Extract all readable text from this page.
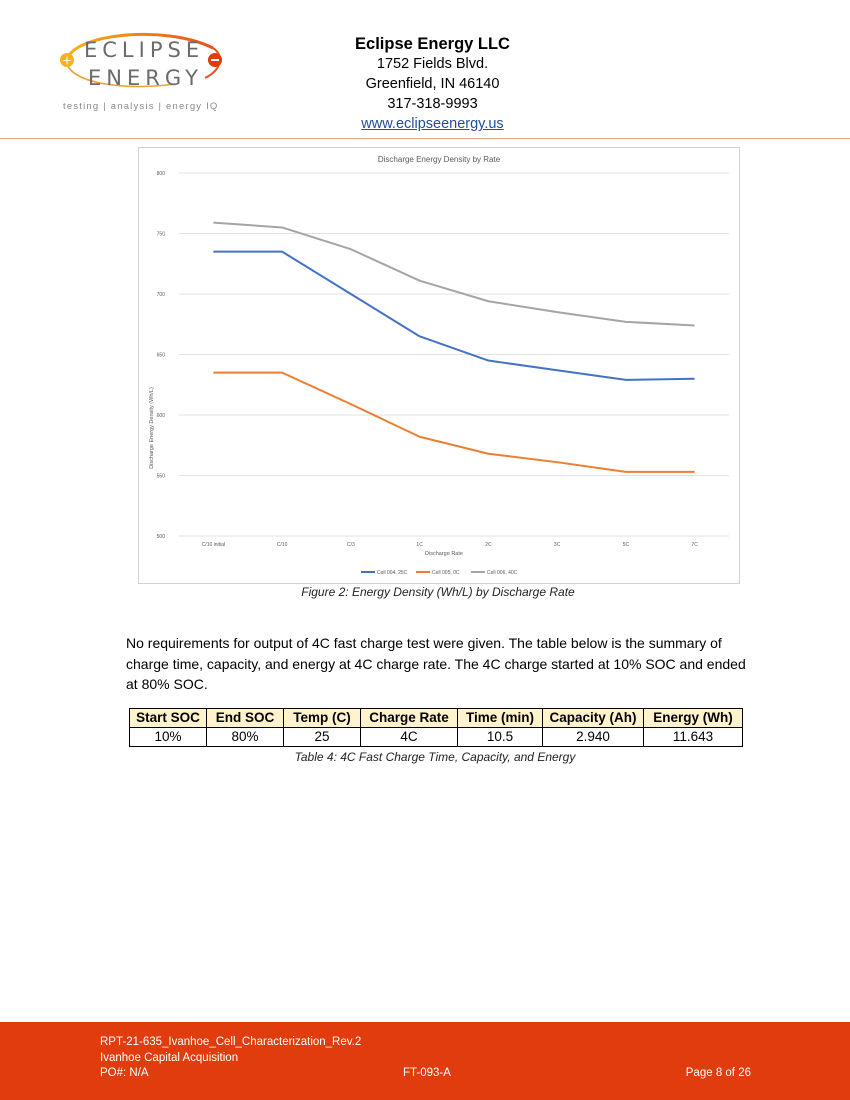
+ ECLIPSE
ENERGY
testing | analysis | energy IQ
Eclipse Energy LLC
1752 Fields Blvd.
Greenfield, IN 46140
317-318-9993
www.eclipseenergy.us
Discharge Energy Density by Rate
Discharge Energy Density (Wh/L)
Discharge Rate
500
550
600
650
700
750
800
C/10 initial	C/10	C/3	1C	2C	3C	5C	7C
Cell 004, 25C	Cell 005, 0C	Cell 006, 40C
Figure 2: Energy Density (Wh/L) by Discharge Rate
No requirements for output of 4C fast charge test were given. The table below is the summary of charge time, capacity, and energy at 4C charge rate. The 4C charge started at 10% SOC and ended at 80% SOC.
Start SOC	End SOC	Temp (C)	Charge Rate	Time (min)	Capacity (Ah)	Energy (Wh)
10%	80%	25	4C	10.5	2.940	11.643
Table 4: 4C Fast Charge Time, Capacity, and Energy
RPT-21-635_Ivanhoe_Cell_Characterization_Rev.2
Ivanhoe Capital Acquisition
PO#: N/A	FT-093-A	Page 8 of 26
